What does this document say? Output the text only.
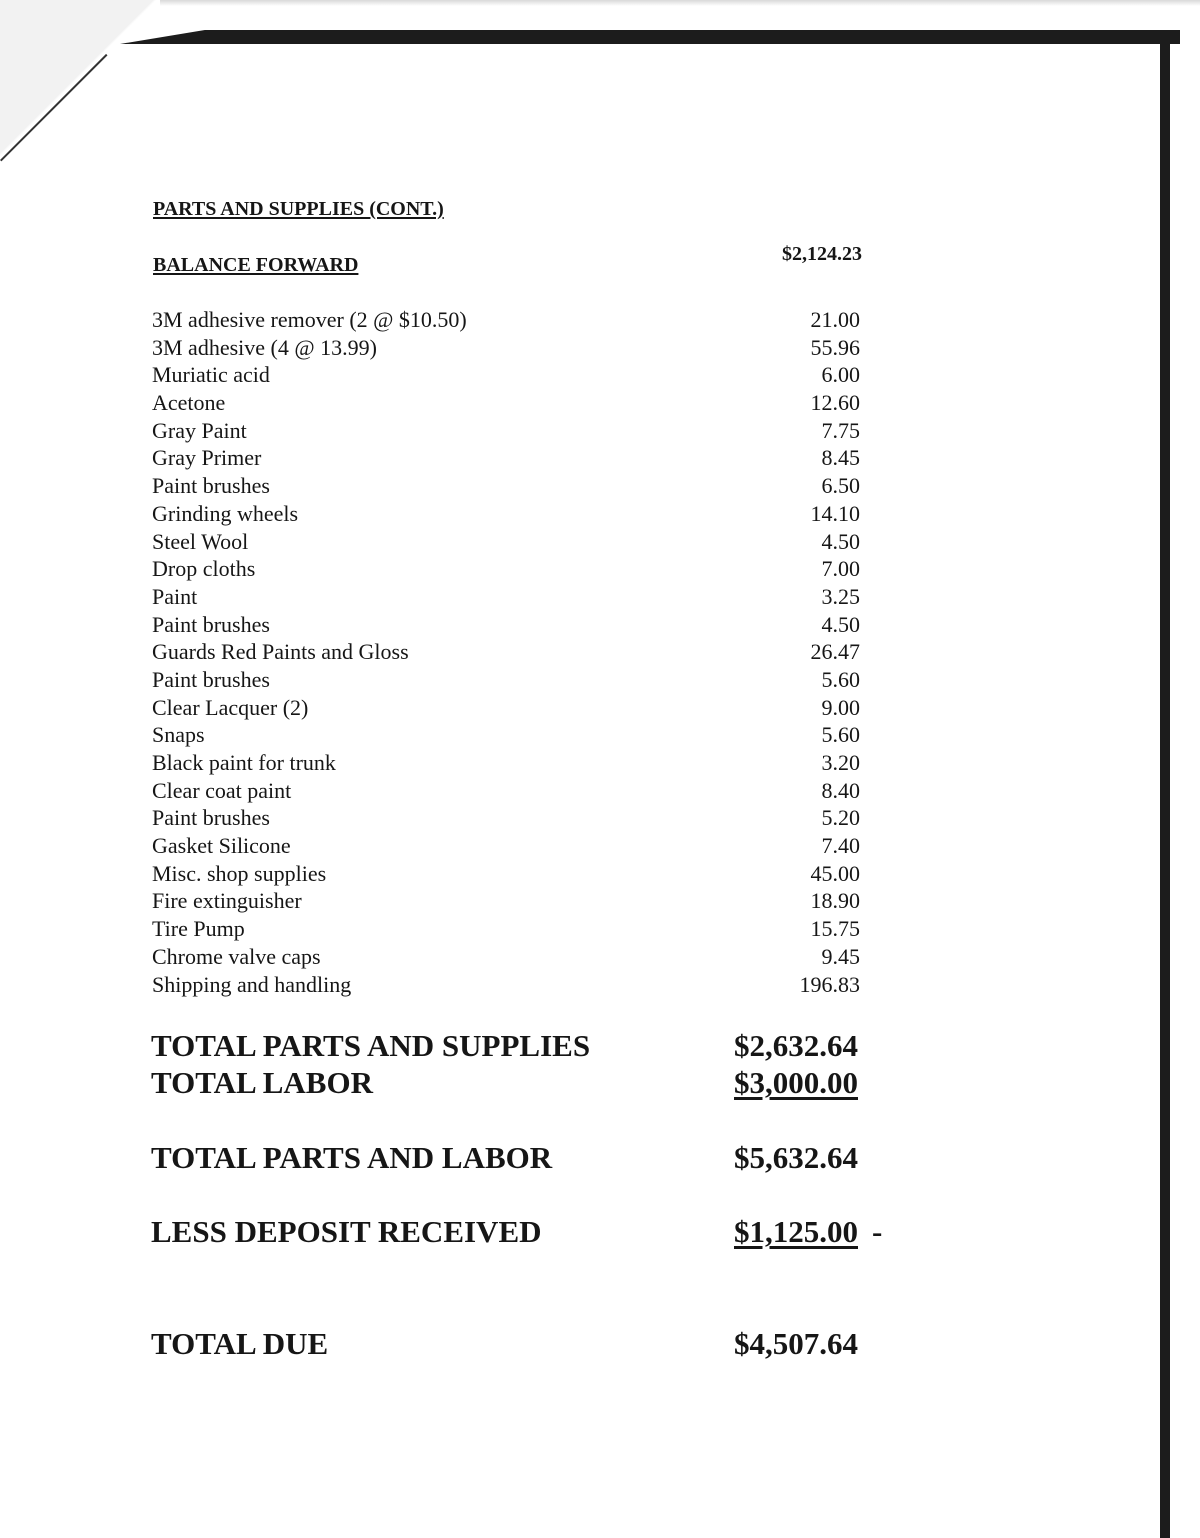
PARTS AND SUPPLIES (CONT.)
BALANCE FORWARD	$2,124.23
3M adhesive remover (2 @ $10.50)	21.00
3M adhesive (4 @ 13.99)	55.96
Muriatic acid	6.00
Acetone	12.60
Gray Paint	7.75
Gray Primer	8.45
Paint brushes	6.50
Grinding wheels	14.10
Steel Wool	4.50
Drop cloths	7.00
Paint	3.25
Paint brushes	4.50
Guards Red Paints and Gloss	26.47
Paint brushes	5.60
Clear Lacquer (2)	9.00
Snaps	5.60
Black paint for trunk	3.20
Clear coat paint	8.40
Paint brushes	5.20
Gasket Silicone	7.40
Misc. shop supplies	45.00
Fire extinguisher	18.90
Tire Pump	15.75
Chrome valve caps	9.45
Shipping and handling	196.83
TOTAL PARTS AND SUPPLIES	$2,632.64
TOTAL LABOR	$3,000.00
TOTAL PARTS AND LABOR	$5,632.64
LESS DEPOSIT RECEIVED	$1,125.00 -
TOTAL DUE	$4,507.64
